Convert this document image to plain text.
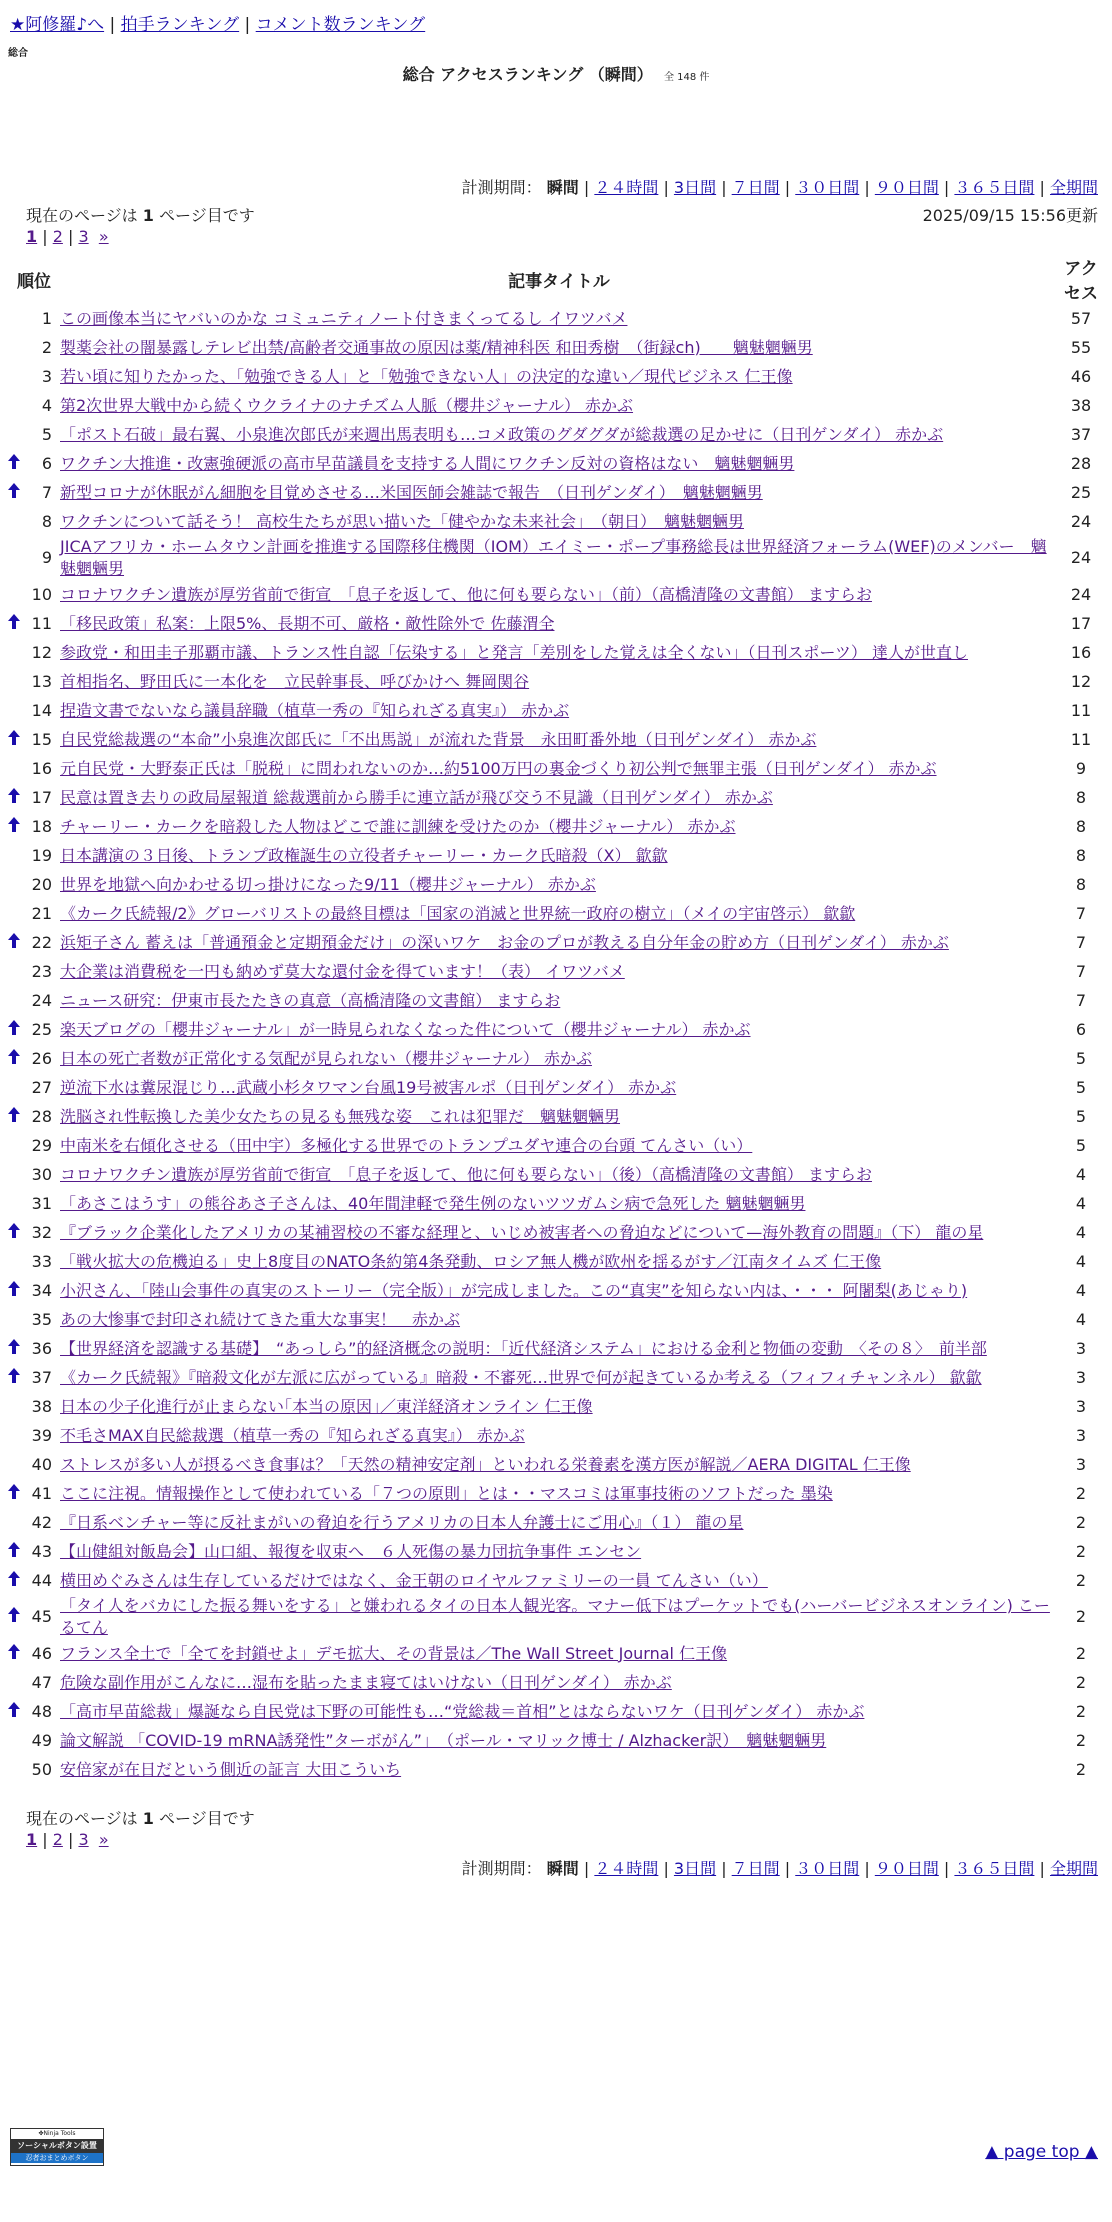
★阿修羅♪へ | 拍手ランキング | コメント数ランキング
総合
総合 アクセスランキング （瞬間） 全 148 件
計測期間： 瞬間 | ２４時間 | 3日間 | ７日間 | ３０日間 | ９０日間 | ３６５日間 | 全期間
現在のページは 1 ページ目です	2025/09/15 15:56更新
1 | 2 | 3 »
順位		記事タイトル	アクセス
	1	この画像本当にヤバいのかな コミュニティノート付きまくってるし イワツバメ	57
	2	製薬会社の闇暴露しテレビ出禁/高齢者交通事故の原因は薬/精神科医 和田秀樹　（街録ch)　　魑魅魍魎男	55
	3	若い頃に知りたかった、「勉強できる人」と「勉強できない人」の決定的な違い／現代ビジネス 仁王像	46
	4	第2次世界大戦中から続くウクライナのナチズム人脈（櫻井ジャーナル） 赤かぶ	38
	5	「ポスト石破」最右翼、小泉進次郎氏が来週出馬表明も…コメ政策のグダグダが総裁選の足かせに（日刊ゲンダイ） 赤かぶ	37

	6	ワクチン大推進・改憲強硬派の高市早苗議員を支持する人間にワクチン反対の資格はない　魑魅魍魎男	28

	7	新型コロナが休眠がん細胞を目覚めさせる…米国医師会雑誌で報告　（日刊ゲンダイ）　魑魅魍魎男	25
	8	ワクチンについて話そう！ 高校生たちが思い描いた「健やかな未来社会」　（朝日）　魑魅魍魎男	24
	9	JICAアフリカ・ホームタウン計画を推進する国際移住機関（IOM）エイミー・ポープ事務総長は世界経済フォーラム(WEF)のメンバー　魑魅魍魎男	24
	10	コロナワクチン遺族が厚労省前で街宣　「息子を返して、他に何も要らない」（前）（高橋清隆の文書館） ますらお	24

	11	「移民政策」私案：上限5%、長期不可、厳格・敵性除外で 佐藤渭全	17
	12	参政党・和田圭子那覇市議、トランス性自認「伝染する」と発言「差別をした覚えは全くない」（日刊スポーツ） 達人が世直し	16
	13	首相指名、野田氏に一本化を　立民幹事長、呼びかけへ 舞岡関谷	12
	14	捏造文書でないなら議員辞職（植草一秀の『知られざる真実』） 赤かぶ	11

	15	自民党総裁選の“本命”小泉進次郎氏に「不出馬説」が流れた背景　永田町番外地（日刊ゲンダイ） 赤かぶ	11
	16	元自民党・大野泰正氏は「脱税」に問われないのか…約5100万円の裏金づくり初公判で無罪主張（日刊ゲンダイ） 赤かぶ	9

	17	民意は置き去りの政局屋報道 総裁選前から勝手に連立話が飛び交う不見識（日刊ゲンダイ） 赤かぶ	8

	18	チャーリー・カークを暗殺した人物はどこで誰に訓練を受けたのか（櫻井ジャーナル） 赤かぶ	8
	19	日本講演の３日後、トランプ政権誕生の立役者チャーリー・カーク氏暗殺（X） 歙歙	8
	20	世界を地獄へ向かわせる切っ掛けになった9/11（櫻井ジャーナル） 赤かぶ	8
	21	《カーク氏続報/2》グローバリストの最終目標は「国家の消滅と世界統一政府の樹立」（メイの宇宙啓示） 歙歙	7

	22	浜矩子さん 蓄えは「普通預金と定期預金だけ」の深いワケ　お金のプロが教える自分年金の貯め方（日刊ゲンダイ） 赤かぶ	7
	23	大企業は消費税を一円も納めず莫大な還付金を得ています！（表） イワツバメ	7
	24	ニュース研究：伊東市長たたきの真意（高橋清隆の文書館） ますらお	7

	25	楽天ブログの「櫻井ジャーナル」が一時見られなくなった件について（櫻井ジャーナル） 赤かぶ	6

	26	日本の死亡者数が正常化する気配が見られない（櫻井ジャーナル） 赤かぶ	5
	27	逆流下水は糞尿混じり…武蔵小杉タワマン台風19号被害ルポ（日刊ゲンダイ） 赤かぶ	5

	28	洗脳され性転換した美少女たちの見るも無残な姿　これは犯罪だ　魑魅魍魎男	5
	29	中南米を右傾化させる（田中宇）多極化する世界でのトランプユダヤ連合の台頭 てんさい（い）	5
	30	コロナワクチン遺族が厚労省前で街宣　「息子を返して、他に何も要らない」（後）（高橋清隆の文書館） ますらお	4
	31	「あさこはうす」の熊谷あさ子さんは、40年間津軽で発生例のないツツガムシ病で急死した 魑魅魍魎男	4

	32	『ブラック企業化したアメリカの某補習校の不審な経理と、いじめ被害者への脅迫などについて—海外教育の問題』（下） 龍の星	4
	33	「戦火拡大の危機迫る」史上8度目のNATO条約第4条発動、ロシア無人機が欧州を揺るがす／江南タイムズ 仁王像	4

	34	小沢さん、「陸山会事件の真実のストーリー（完全版）」が完成しました。この“真実”を知らない内は、・・・ 阿闍梨(あじゃり)	4
	35	あの大惨事で封印され続けてきた重大な事実！　赤かぶ	4

	36	【世界経済を認識する基礎】　“あっしら”的経済概念の説明：「近代経済システム」における金利と物価の変動　〈その８〉　前半部	3

	37	《カーク氏続報》『暗殺文化が左派に広がっている』暗殺・不審死…世界で何が起きているか考える（フィフィチャンネル） 歙歙	3
	38	日本の少子化進行が止まらない｢本当の原因｣／東洋経済オンライン 仁王像	3
	39	不毛さMAX自民総裁選（植草一秀の『知られざる真実』） 赤かぶ	3
	40	ストレスが多い人が摂るべき食事は？「天然の精神安定剤」といわれる栄養素を漢方医が解説／AERA DIGITAL 仁王像	3

	41	ここに注視。情報操作として使われている「７つの原則」とは・・マスコミは軍事技術のソフトだった 墨染	2
	42	『日系ベンチャー等に反社まがいの脅迫を行うアメリカの日本人弁護士にご用心』（１） 龍の星	2

	43	【山健組対飯島会】山口組、報復を収束へ　６人死傷の暴力団抗争事件 エンセン	2

	44	横田めぐみさんは生存しているだけではなく、金王朝のロイヤルファミリーの一員 てんさい（い）	2

	45	「タイ人をバカにした振る舞いをする」と嫌われるタイの日本人観光客。マナー低下はプーケットでも(ハーバービジネスオンライン) こーるてん	2

	46	フランス全土で「全てを封鎖せよ」デモ拡大、その背景は／The Wall Street Journal 仁王像	2
	47	危険な副作用がこんなに…湿布を貼ったまま寝てはいけない（日刊ゲンダイ） 赤かぶ	2

	48	「高市早苗総裁」爆誕なら自民党は下野の可能性も…“党総裁＝首相”とはならないワケ（日刊ゲンダイ） 赤かぶ	2
	49	論文解説 「COVID-19 mRNA誘発性”ターボがん”」　（ポール・マリック博士 / Alzhacker訳）　魑魅魍魎男	2
	50	安倍家が在日だという側近の証言 大田こういち	2
現在のページは 1 ページ目です
1 | 2 | 3 »
計測期間： 瞬間 | ２４時間 | 3日間 | ７日間 | ３０日間 | ９０日間 | ３６５日間 | 全期間
✤Ninja Tools
ソーシャルボタン設置
忍者おまとめボタン	▲ page top ▲
